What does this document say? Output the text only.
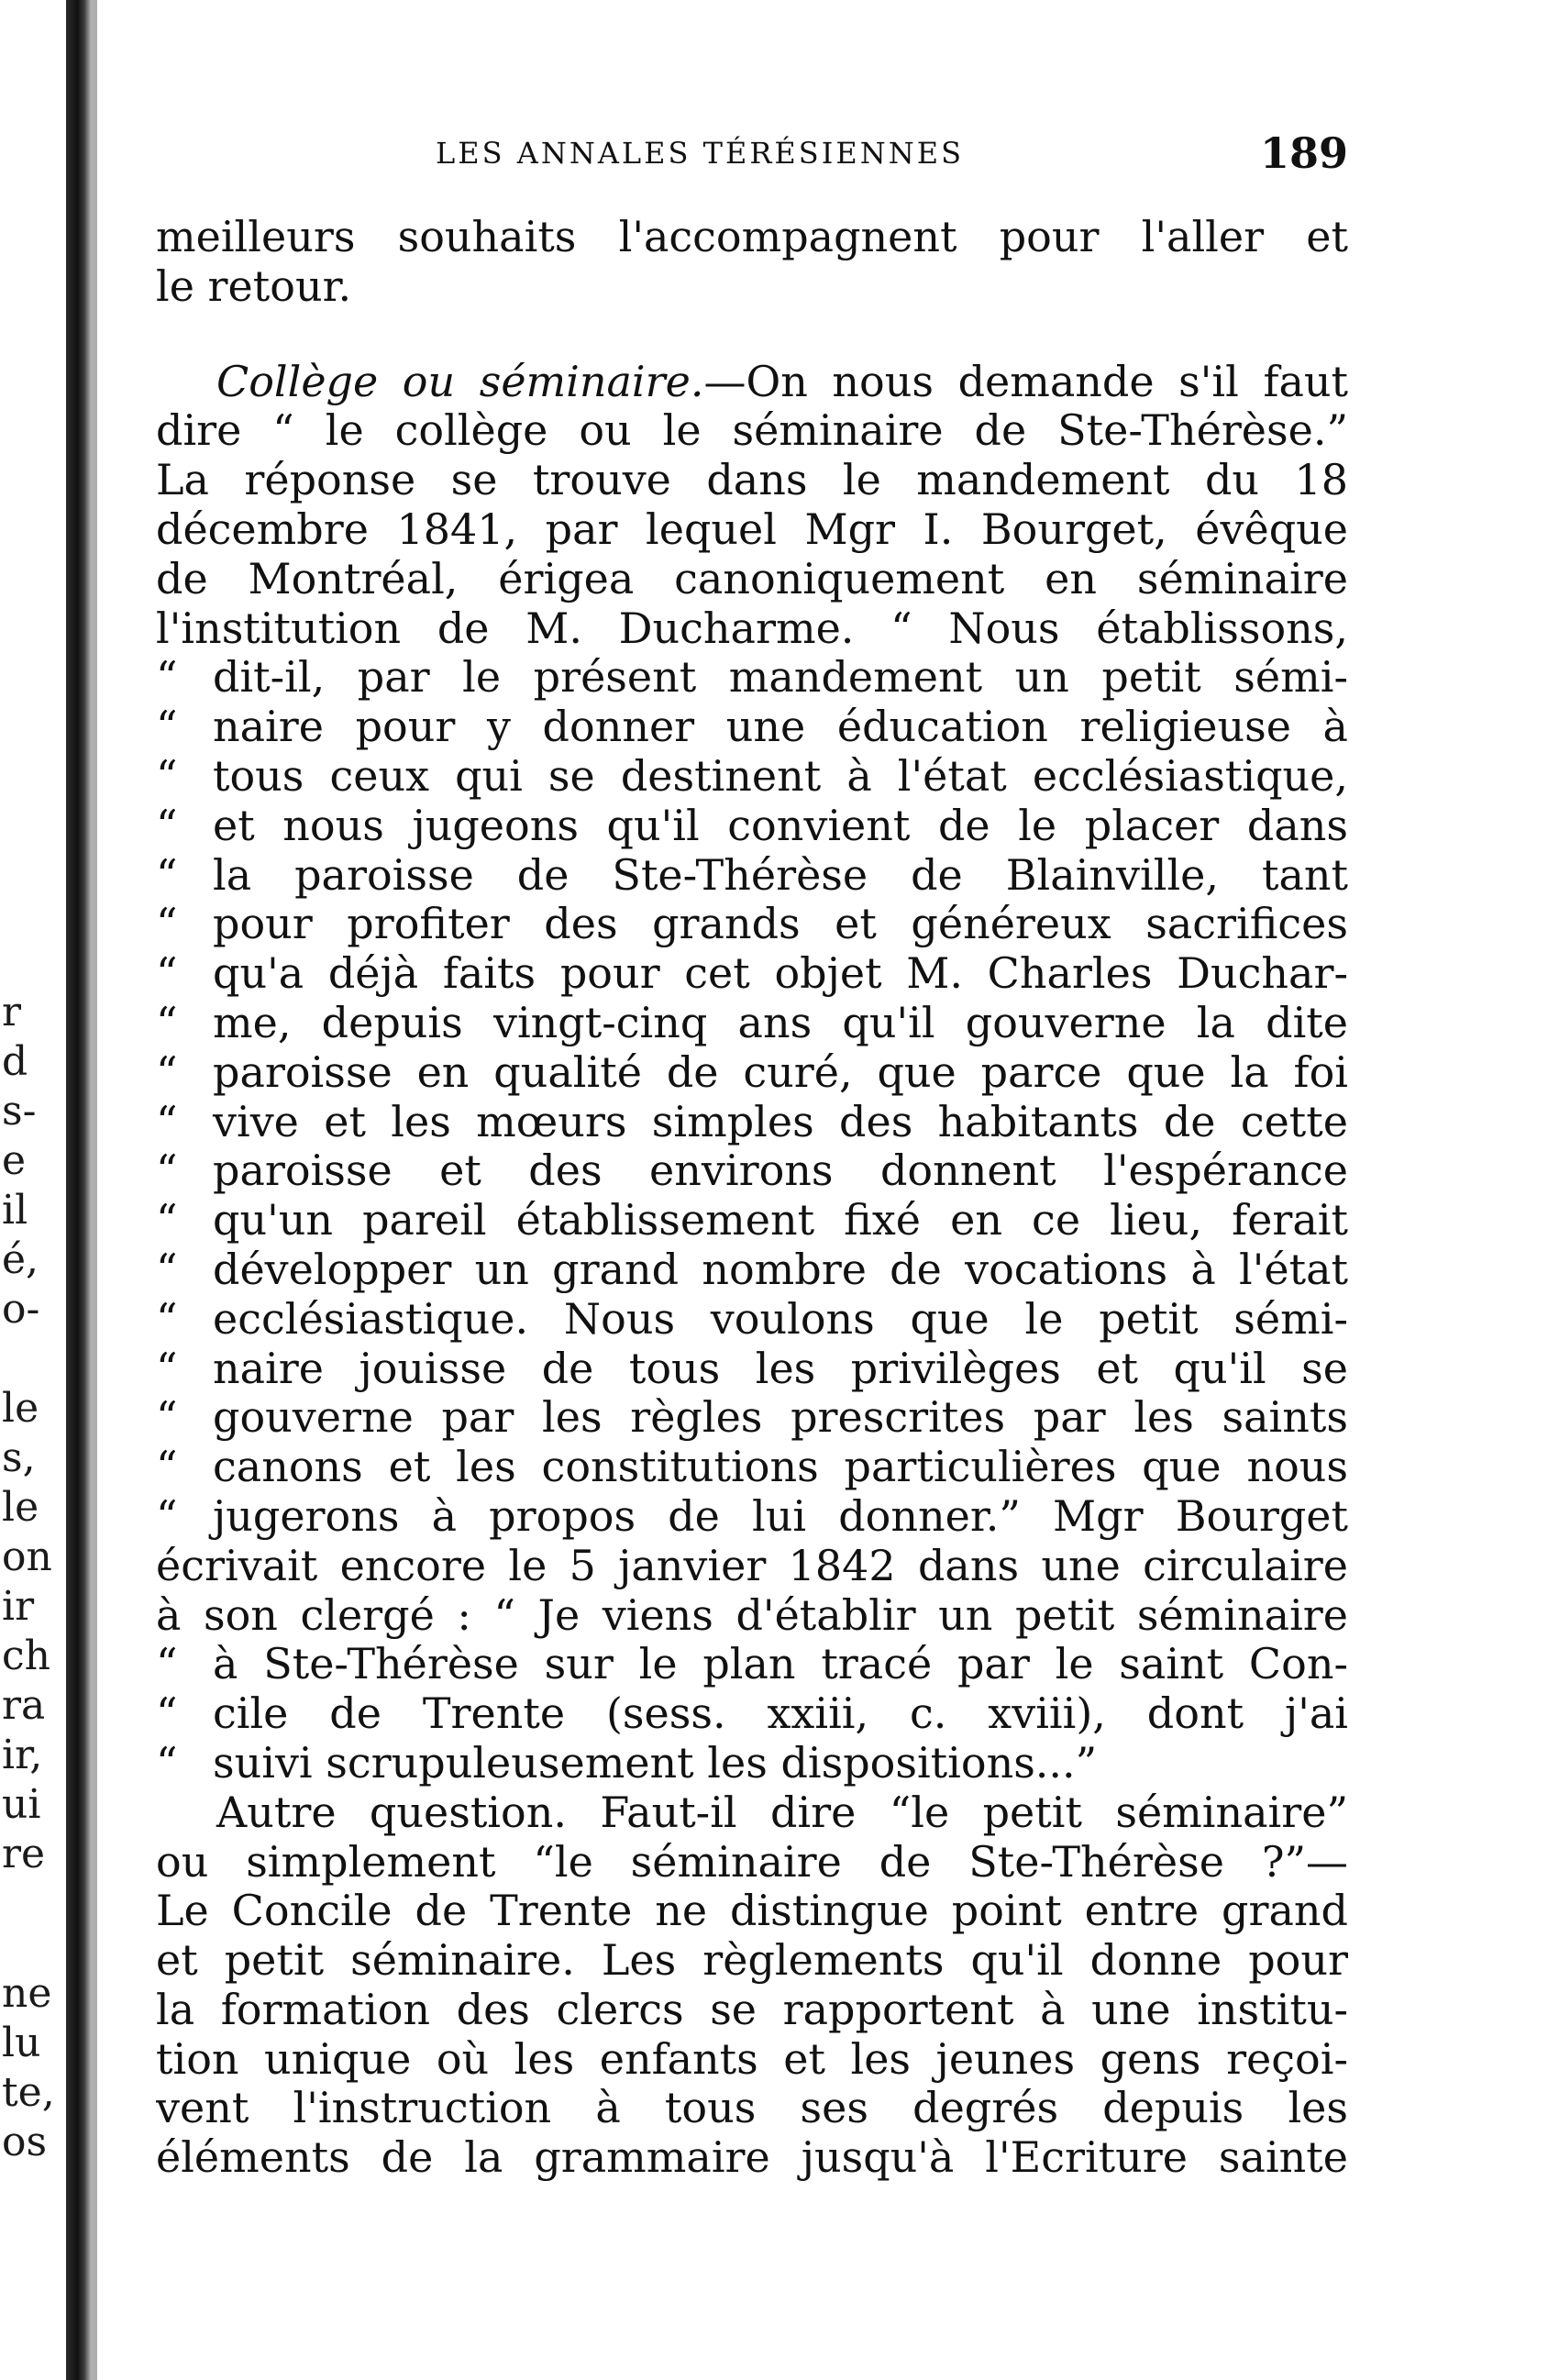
r
d
s-
e
il
é,
o-
le
s,
le
on
ir
ch
ra
ir,
ui
re
ne
lu
te,
os
LES ANNALES TÉRÉSIENNES	189
meilleurs souhaits l'accompagnent pour l'aller et
le retour.
Collège ou séminaire.—On nous demande s'il faut
dire “ le collège ou le séminaire de Ste-Thérèse.”
La réponse se trouve dans le mandement du 18
décembre 1841, par lequel Mgr I. Bourget, évêque
de Montréal, érigea canoniquement en séminaire
l'institution de M. Ducharme. “ Nous établissons,
“ dit-il, par le présent mandement un petit sémi-
“ naire pour y donner une éducation religieuse à
“ tous ceux qui se destinent à l'état ecclésiastique,
“ et nous jugeons qu'il convient de le placer dans
“ la paroisse de Ste-Thérèse de Blainville, tant
“ pour profiter des grands et généreux sacrifices
“ qu'a déjà faits pour cet objet M. Charles Duchar-
“ me, depuis vingt-cinq ans qu'il gouverne la dite
“ paroisse en qualité de curé, que parce que la foi
“ vive et les mœurs simples des habitants de cette
“ paroisse et des environs donnent l'espérance
“ qu'un pareil établissement fixé en ce lieu, ferait
“ développer un grand nombre de vocations à l'état
“ ecclésiastique. Nous voulons que le petit sémi-
“ naire jouisse de tous les privilèges et qu'il se
“ gouverne par les règles prescrites par les saints
“ canons et les constitutions particulières que nous
“ jugerons à propos de lui donner.” Mgr Bourget
écrivait encore le 5 janvier 1842 dans une circulaire
à son clergé : “ Je viens d'établir un petit séminaire
“ à Ste-Thérèse sur le plan tracé par le saint Con-
“ cile de Trente (sess. xxiii, c. xviii), dont j'ai
“ suivi scrupuleusement les dispositions...”
Autre question. Faut-il dire “le petit séminaire”
ou simplement “le séminaire de Ste-Thérèse ?”—
Le Concile de Trente ne distingue point entre grand
et petit séminaire. Les règlements qu'il donne pour
la formation des clercs se rapportent à une institu-
tion unique où les enfants et les jeunes gens reçoi-
vent l'instruction à tous ses degrés depuis les
éléments de la grammaire jusqu'à l'Ecriture sainte
